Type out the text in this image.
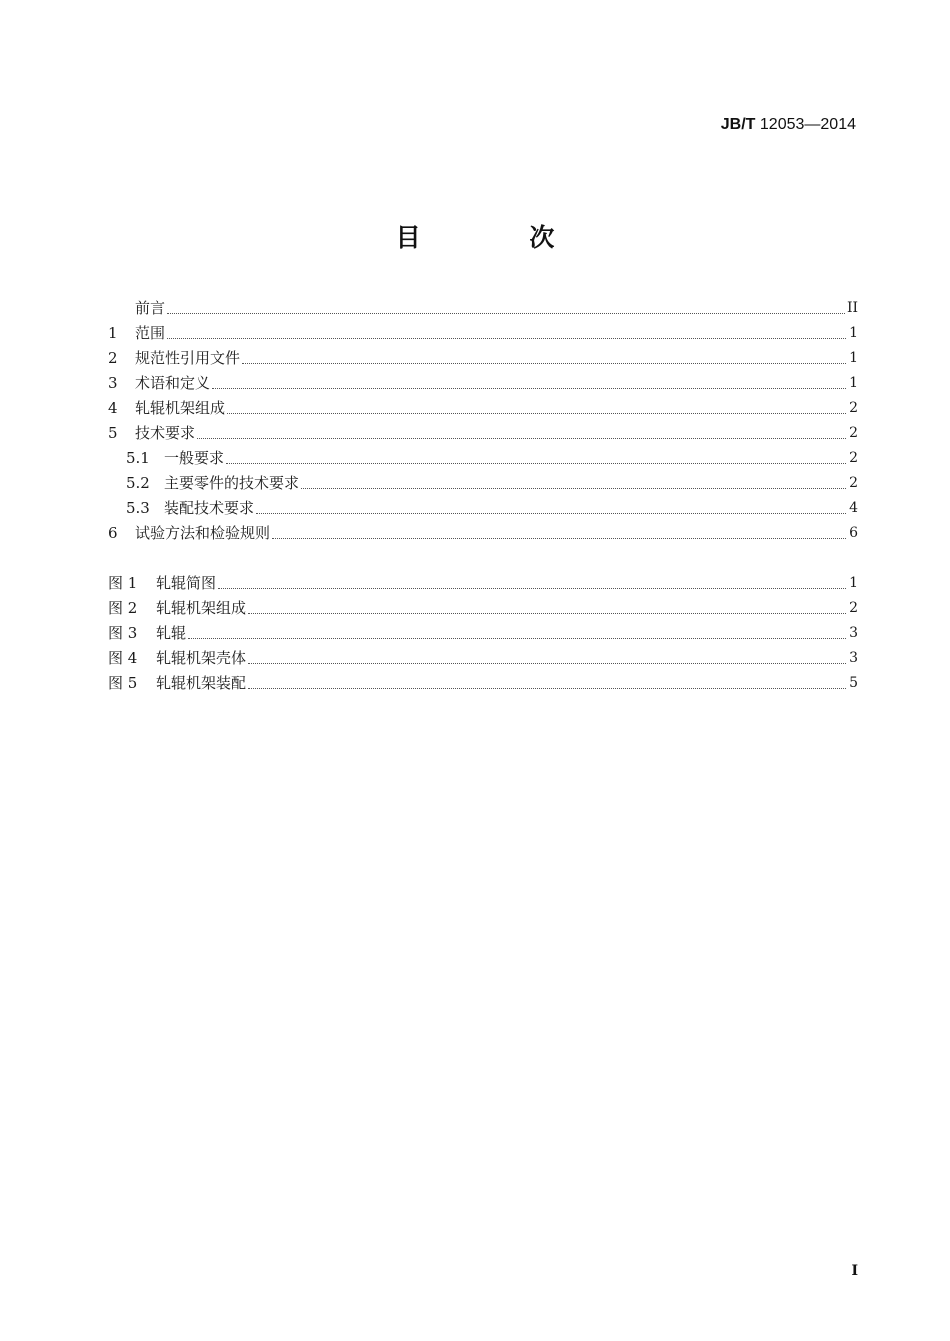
JB/T 12053—2014
目 次
前言	II
1	范围	1
2	规范性引用文件	1
3	术语和定义	1
4	轧辊机架组成	2
5	技术要求	2
5.1 一般要求	2
5.2 主要零件的技术要求	2
5.3 装配技术要求	4
6	试验方法和检验规则	6
图 1	轧辊简图	1
图 2	轧辊机架组成	2
图 3	轧辊	3
图 4	轧辊机架壳体	3
图 5	轧辊机架装配	5
I
